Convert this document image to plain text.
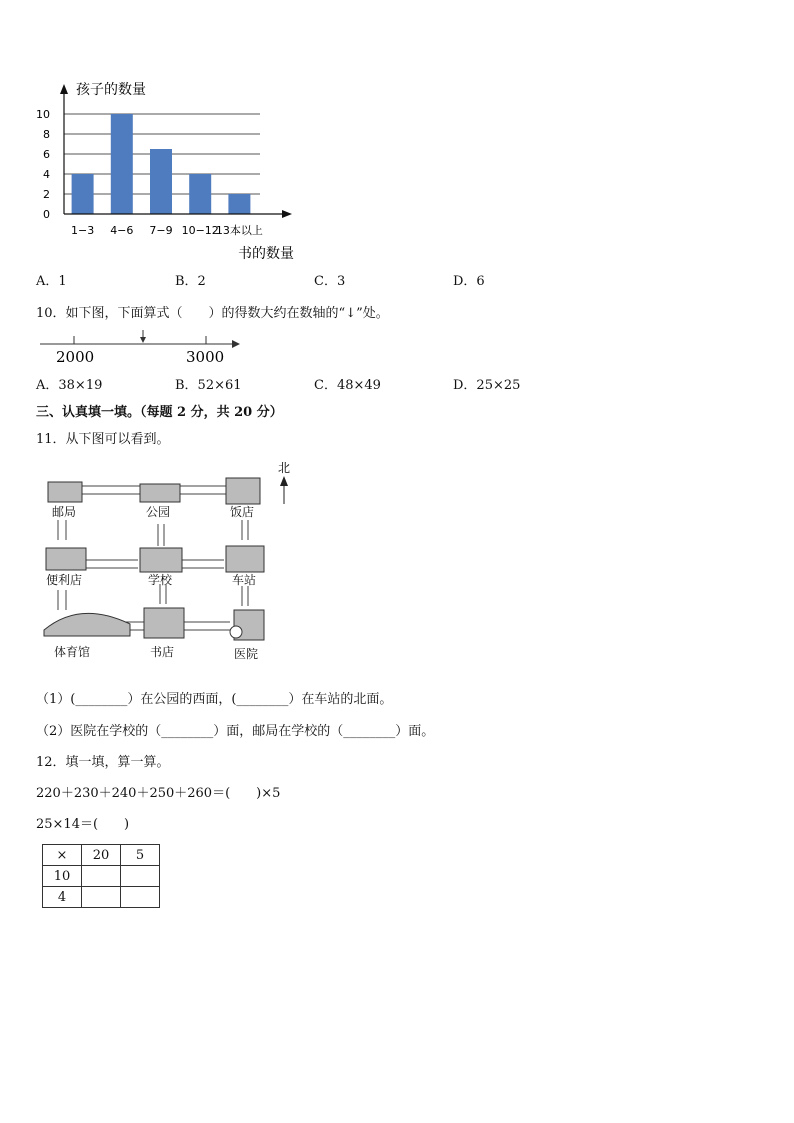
0
2
4
6
8
10
1−3 4−6 7−9 10−12
13本以上
孩子的数量
书的数量
A．1	B．2	C．3	D．6
10．如下图，下面算式（　　）的得数大约在数轴的“↓”处。
2000	3000
A．38×19	B．52×61	C．48×49	D．25×25
三、认真填一填。（每题 2 分，共 20 分）
11．从下图可以看到。
北
邮局	公园	饭店
便利店	学校	车站
体育馆	书店	医院
（1）(________）在公园的西面，(________）在车站的北面。
（2）医院在学校的（________）面，邮局在学校的（________）面。
12．填一填，算一算。
220＋230＋240＋250＋260＝(　　)×5
25×14＝(　　)
×	20	5
10		
4		
